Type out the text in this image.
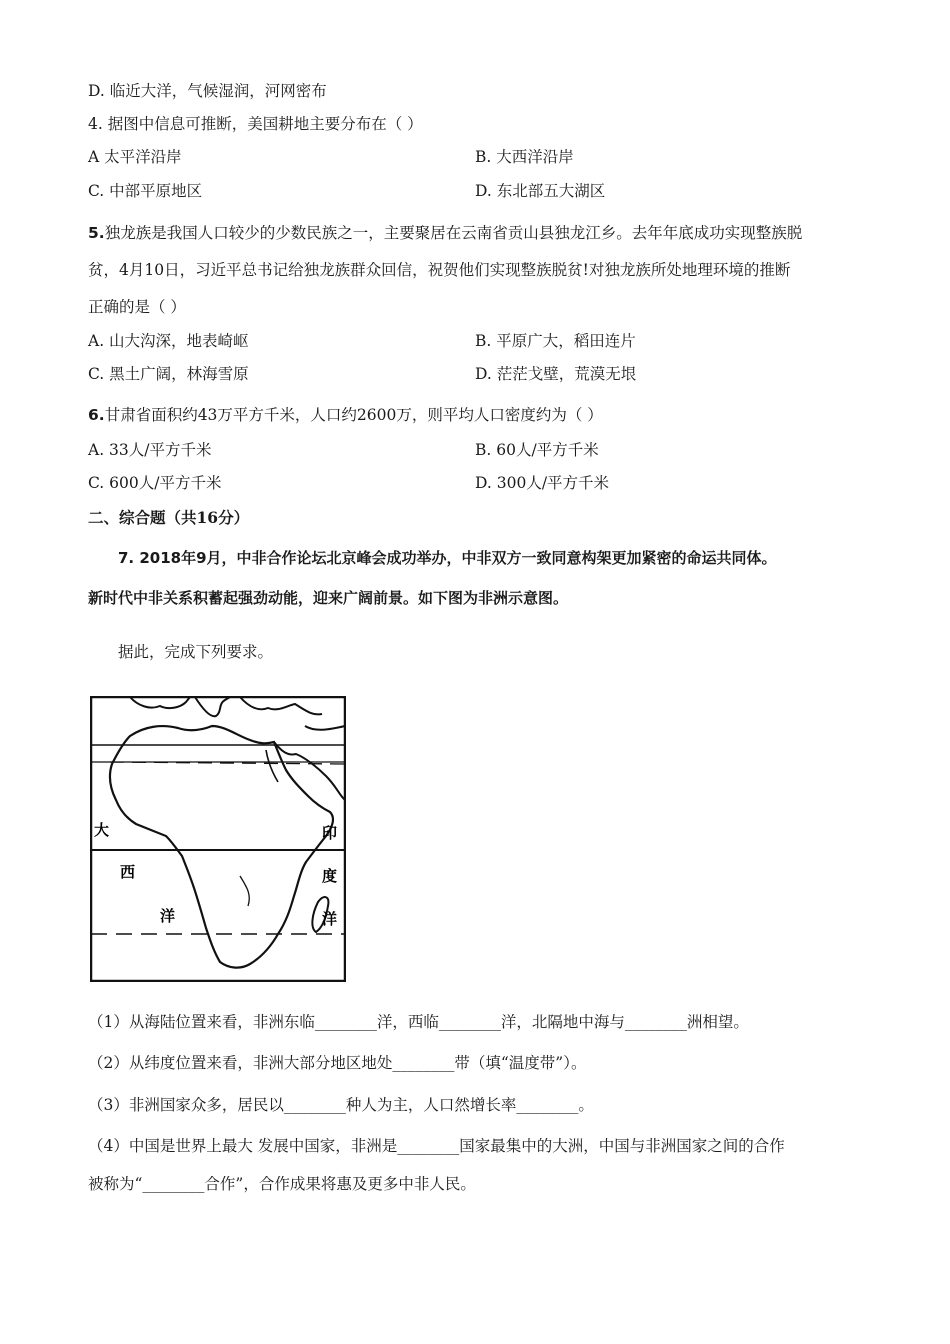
D. 临近大洋，气候湿润，河网密布
4. 据图中信息可推断，美国耕地主要分布在（ ）
A 太平洋沿岸	B. 大西洋沿岸
C. 中部平原地区	D. 东北部五大湖区
5.独龙族是我国人口较少的少数民族之一，主要聚居在云南省贡山县独龙江乡。去年年底成功实现整族脱
贫，4月10日，习近平总书记给独龙族群众回信，祝贺他们实现整族脱贫!对独龙族所处地理环境的推断
正确的是（ ）
A. 山大沟深，地表崎岖	B. 平原广大，稻田连片
C. 黑土广阔，林海雪原	D. 茫茫戈壁，荒漠无垠
6.甘肃省面积约43万平方千米，人口约2600万，则平均人口密度约为（ ）
A. 33人/平方千米	B. 60人/平方千米
C. 600人/平方千米	D. 300人/平方千米
二、综合题（共16分）
7. 2018年9月，中非合作论坛北京峰会成功举办，中非双方一致同意构架更加紧密的命运共同体。
新时代中非关系积蓄起强劲动能，迎来广阔前景。如下图为非洲示意图。
据此，完成下列要求。
大
西
洋
印
度
洋
（1）从海陆位置来看，非洲东临________洋，西临________洋，北隔地中海与________洲相望。
（2）从纬度位置来看，非洲大部分地区地处________带（填“温度带”）。
（3）非洲国家众多，居民以________种人为主，人口然增长率________。
（4）中国是世界上最大 发展中国家，非洲是________国家最集中的大洲，中国与非洲国家之间的合作
被称为“________合作”，合作成果将惠及更多中非人民。
